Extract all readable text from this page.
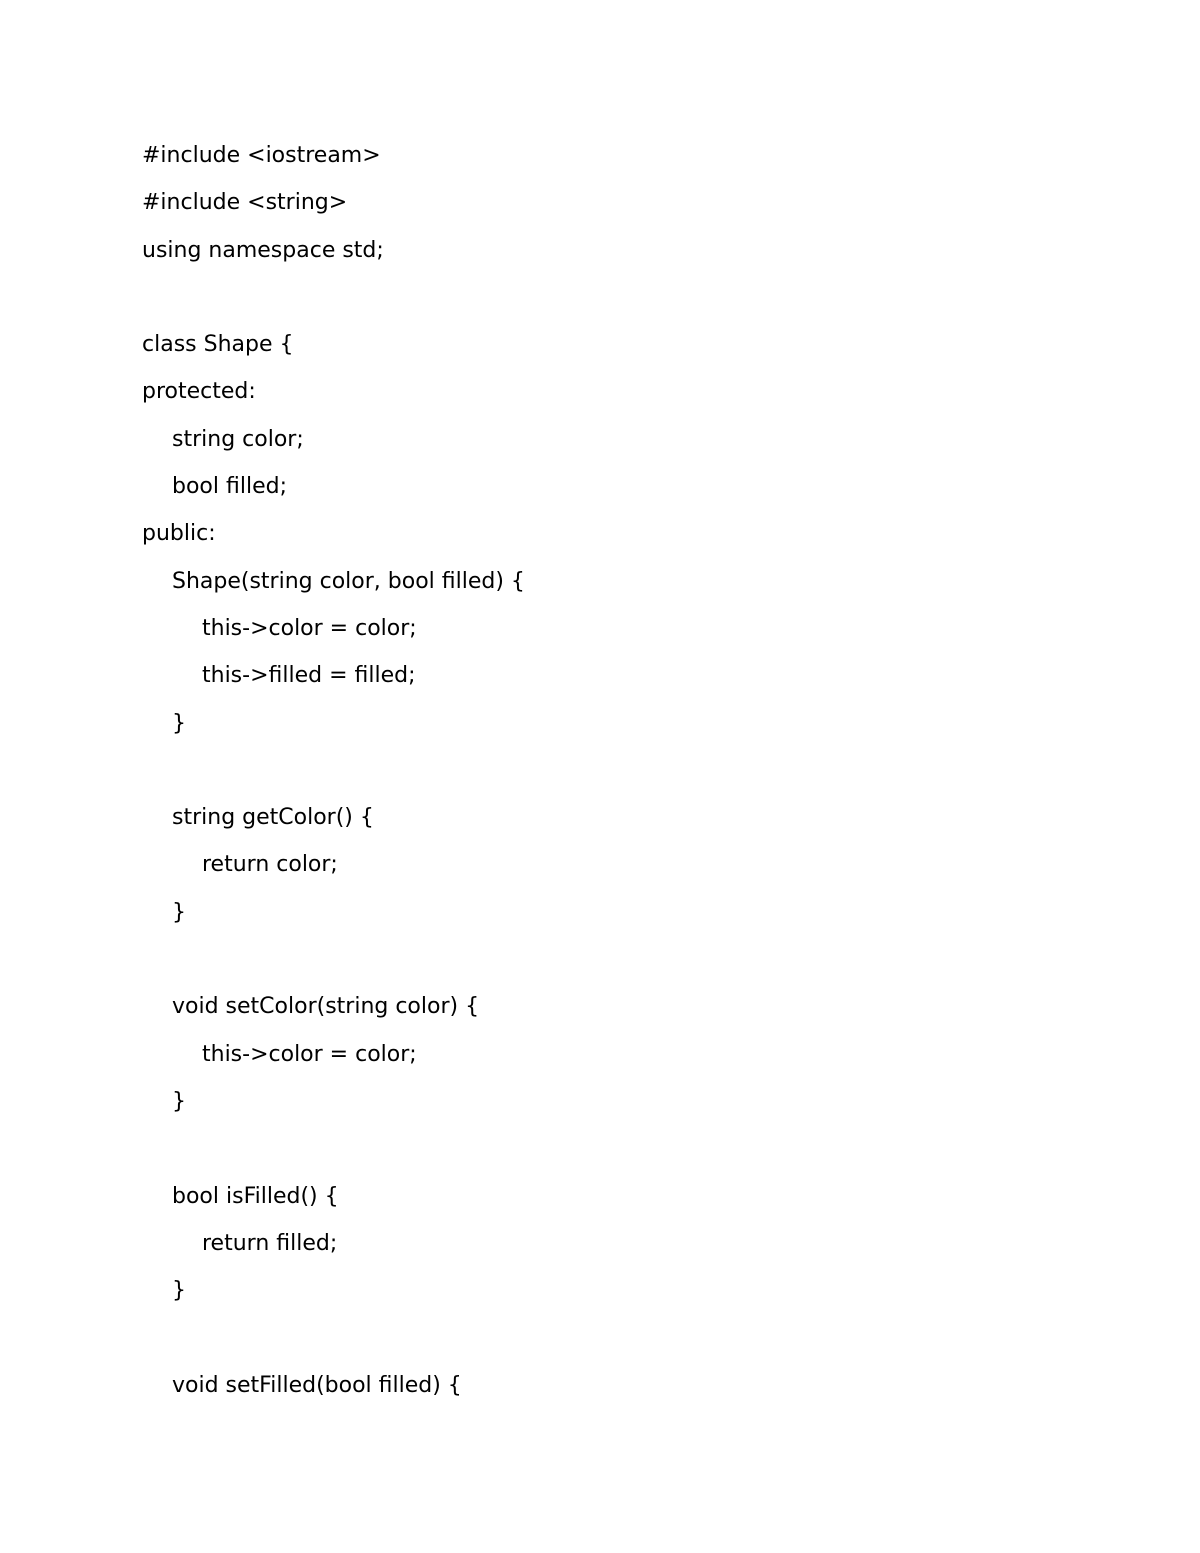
#include <iostream>
#include <string>
using namespace std;
class Shape {
protected:
string color;
bool filled;
public:
Shape(string color, bool filled) {
this->color = color;
this->filled = filled;
}
string getColor() {
return color;
}
void setColor(string color) {
this->color = color;
}
bool isFilled() {
return filled;
}
void setFilled(bool filled) {
